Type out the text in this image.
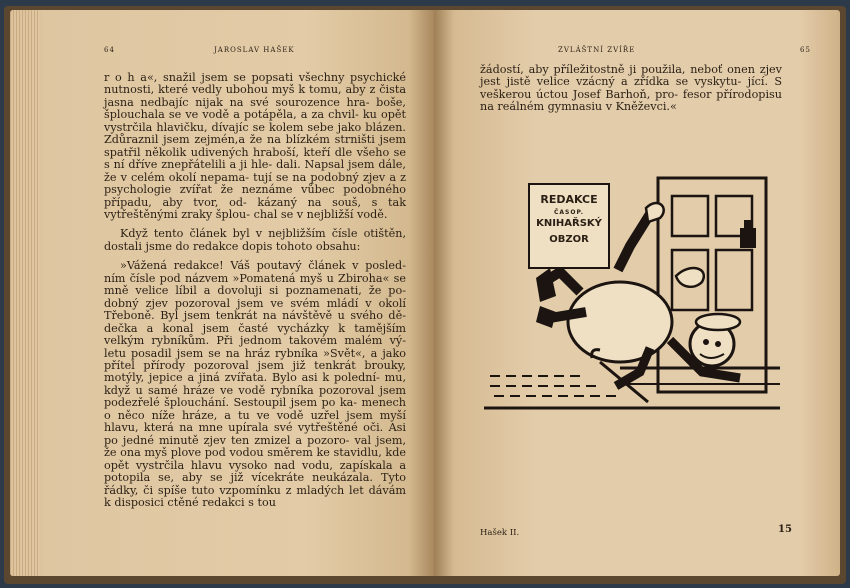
64	JAROSLAV HAŠEK

r o h a«, snažil jsem se popsati všechny psychické nutnosti, které vedly ubohou myš k tomu, aby z čista jasna nedbajíc nijak na své sourozence hra- bоše, šplouchala se ve vodě a potápěla, a za chvil- ku opět vystrčila hlavičku, dívajíc se kolem sebe jako blázen. Zdůraznil jsem zejmén,a že na blízkém strništi jsem spatřil několik udivených hraboší, kteří dle všeho se s ní dříve znepřátelili a ji hle- dali. Napsal jsem dále, že v celém okolí nepama- tují se na podobný zjev a z psychologie zvířat že neznáme vůbec podobného případu, aby tvor, od- kázaný na souš, s tak vytřeštěnými zraky šplou- chal se v nejbližší vodě.

Když tento článek byl v nejbližším čísle otištěn, dostali jsme do redakce dopis tohoto obsahu:

»Vážená redakce! Váš poutavý článek v posled- ním čísle pod názvem »Pomatená myš u Zbiroha« se mně velice líbil a dovoluji si poznamenati, že po- dobný zjev pozoroval jsem ve svém mládí v okolí Třeboně. Byl jsem tenkrát na návštěvě u svého dě- dečka a konal jsem časté vycházky k tamějším velkým rybníkům. Při jednom takovém malém vý- letu posadil jsem se na hráz rybníka »Svět«, a jako přítel přírody pozoroval jsem již tenkrát brouky, motýly, jepice a jiná zvířata. Bylo asi k polední- mu, když u samé hráze ve vodě rybníka pozoroval jsem podezřelé šplouchání. Sestoupil jsem po ka- menech o něco níže hráze, a tu ve vodě uzřel jsem myší hlavu, která na mne upírala své vytřeštěné oči. Asi po jedné minutě zjev ten zmizel a pozoro- val jsem, že ona myš plove pod vodou směrem ke stavidlu, kde opět vystrčila hlavu vysoko nad vodu, zapískala a potopila se, aby se již vícekráte neukázala. Tyto řádky, či spíše tuto vzpomínku z mladých let dávám k disposici ctěné redakci s tou

ZVLÁŠTNÍ ZVÍŘE	65

žádostí, aby příležitostně ji použila, neboť onen zjev jest jistě velice vzácný a zřídka se vyskytu- jící. S veškerou úctou Josef Barhoň, pro- fesor přírodopisu na reálném gymnasiu v Kněževci.«

REDAKCE
ČASOP.
KNIHAŘSKÝ
OBZOR
Hašek II.	15
